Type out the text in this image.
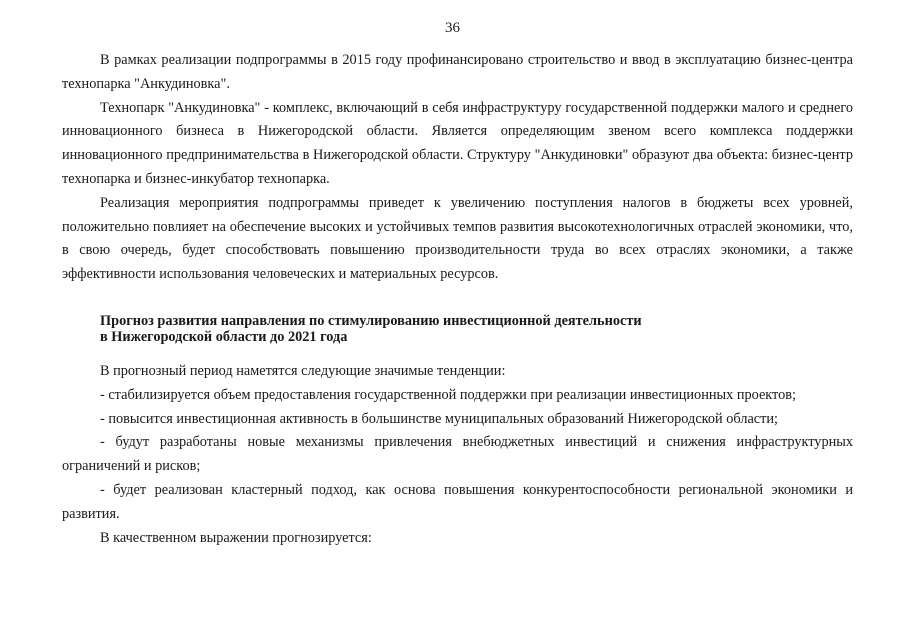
36

В рамках реализации подпрограммы в 2015 году профинансировано строительство и ввод в эксплуатацию бизнес-центра технопарка "Анкудиновка".

Технопарк "Анкудиновка" - комплекс, включающий в себя инфраструктуру государственной поддержки малого и среднего инновационного бизнеса в Нижегородской области. Является определяющим звеном всего комплекса поддержки инновационного предпринимательства в Нижегородской области. Структуру "Анкудиновки" образуют два объекта: бизнес-центр технопарка и бизнес-инкубатор технопарка.

Реализация мероприятия подпрограммы приведет к увеличению поступления налогов в бюджеты всех уровней, положительно повлияет на обеспечение высоких и устойчивых темпов развития высокотехнологичных отраслей экономики, что, в свою очередь, будет способствовать повышению производительности труда во всех отраслях экономики, а также эффективности использования человеческих и материальных ресурсов.

Прогноз развития направления по стимулированию инвестиционной деятельности
в Нижегородской области до 2021 года

В прогнозный период наметятся следующие значимые тенденции:

- стабилизируется объем предоставления государственной поддержки при реализации инвестиционных проектов;

- повысится инвестиционная активность в большинстве муниципальных образований Нижегородской области;

- будут разработаны новые механизмы привлечения внебюджетных инвестиций и снижения инфраструктурных ограничений и рисков;

- будет реализован кластерный подход, как основа повышения конкурентоспособности региональной экономики и развития.

В качественном выражении прогнозируется:
